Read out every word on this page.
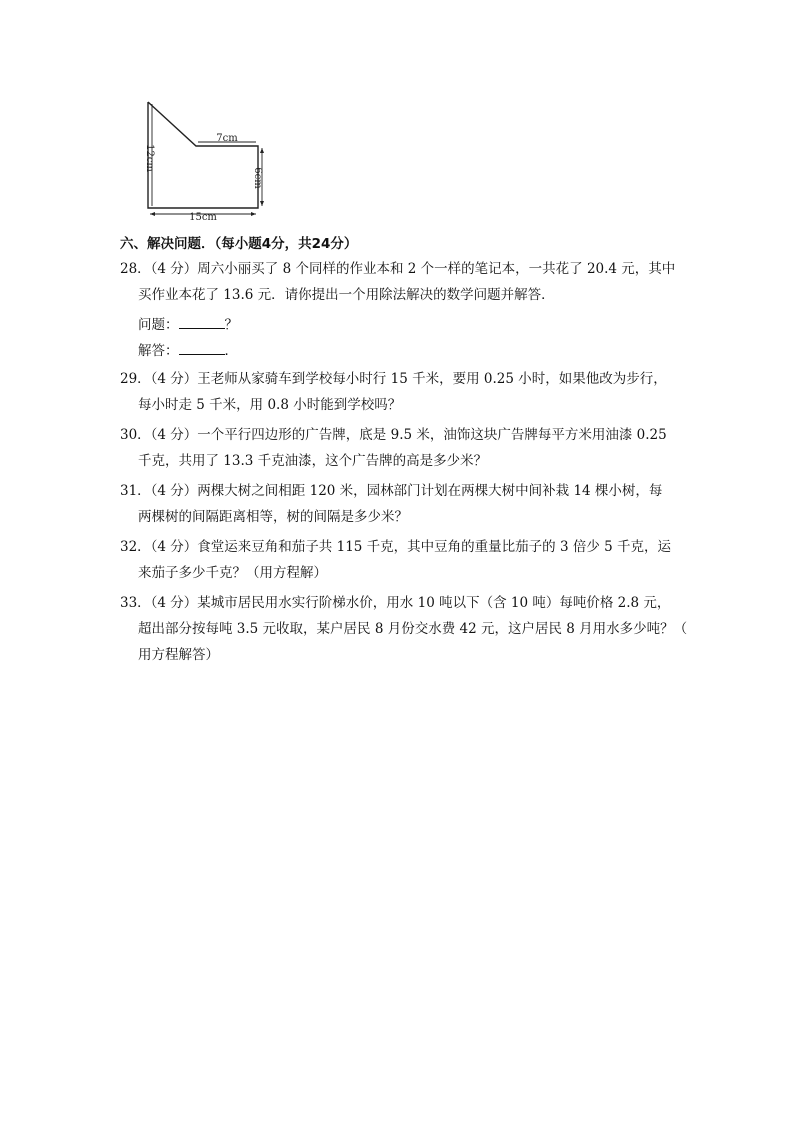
7cm
6cm
12cm
15cm
六、解决问题．（每小题4分，共24分）
28．（4 分）周六小丽买了 8 个同样的作业本和 2 个一样的笔记本，一共花了 20.4 元，其中
买作业本花了 13.6 元．请你提出一个用除法解决的数学问题并解答．
问题：	？
解答：	．
29．（4 分）王老师从家骑车到学校每小时行 15 千米，要用 0.25 小时，如果他改为步行，
每小时走 5 千米，用 0.8 小时能到学校吗？
30．（4 分）一个平行四边形的广告牌，底是 9.5 米，油饰这块广告牌每平方米用油漆 0.25
千克，共用了 13.3 千克油漆，这个广告牌的高是多少米？
31．（4 分）两棵大树之间相距 120 米，园林部门计划在两棵大树中间补栽 14 棵小树，每
两棵树的间隔距离相等，树的间隔是多少米？
32．（4 分）食堂运来豆角和茄子共 115 千克，其中豆角的重量比茄子的 3 倍少 5 千克，运
来茄子多少千克？（用方程解）
33．（4 分）某城市居民用水实行阶梯水价，用水 10 吨以下（含 10 吨）每吨价格 2.8 元，
超出部分按每吨 3.5 元收取，某户居民 8 月份交水费 42 元，这户居民 8 月用水多少吨？（
用方程解答）
